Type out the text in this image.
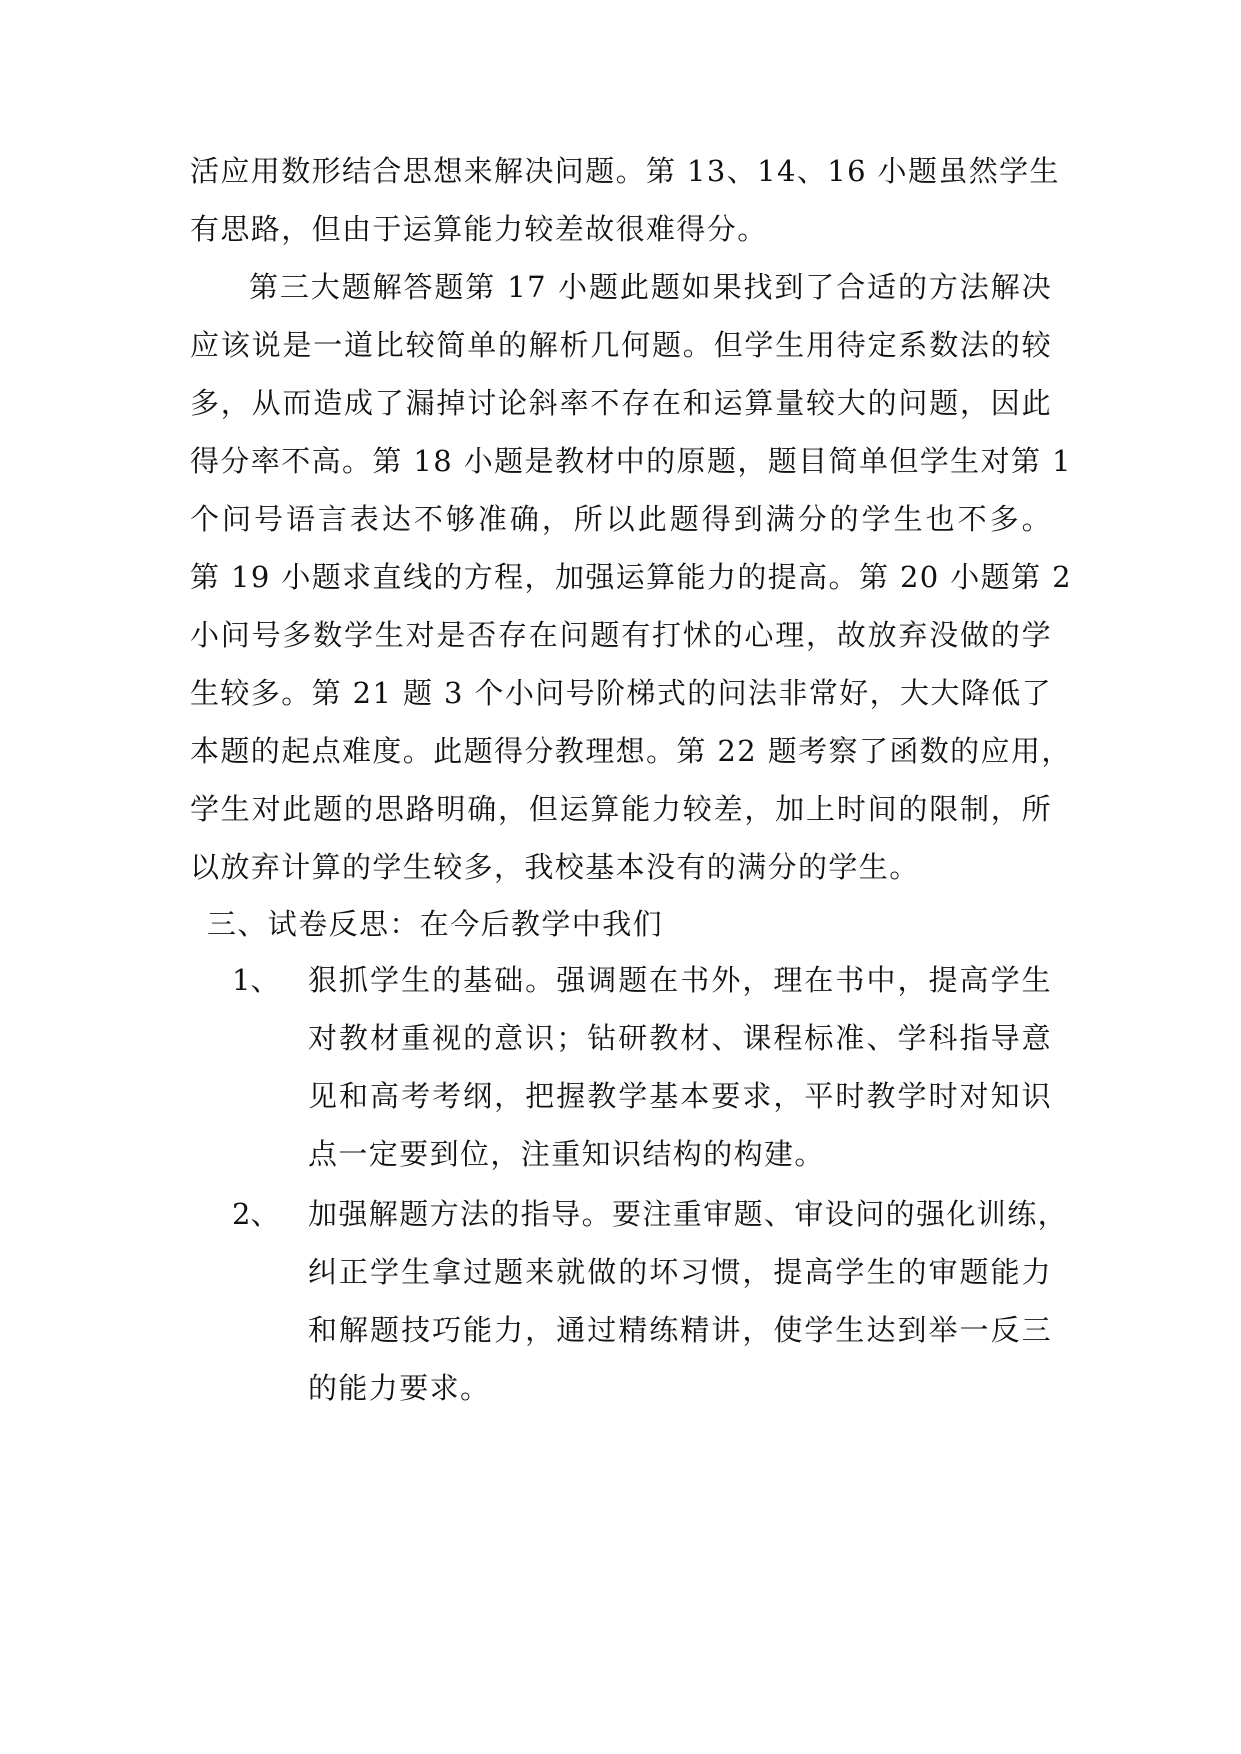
活应用数形结合思想来解决问题。第 13、14、16 小题虽然学生
有思路，但由于运算能力较差故很难得分。
第三大题解答题第 17 小题此题如果找到了合适的方法解决
应该说是一道比较简单的解析几何题。但学生用待定系数法的较
多，从而造成了漏掉讨论斜率不存在和运算量较大的问题，因此
得分率不高。第 18 小题是教材中的原题，题目简单但学生对第 1
个问号语言表达不够准确，所以此题得到满分的学生也不多。
第 19 小题求直线的方程，加强运算能力的提高。第 20 小题第 2
小问号多数学生对是否存在问题有打怵的心理，故放弃没做的学
生较多。第 21 题 3 个小问号阶梯式的问法非常好，大大降低了
本题的起点难度。此题得分教理想。第 22 题考察了函数的应用，
学生对此题的思路明确，但运算能力较差，加上时间的限制，所
以放弃计算的学生较多，我校基本没有的满分的学生。
三、试卷反思：在今后教学中我们
1、 狠抓学生的基础。强调题在书外，理在书中，提高学生
对教材重视的意识；钻研教材、课程标准、学科指导意
见和高考考纲，把握教学基本要求，平时教学时对知识
点一定要到位，注重知识结构的构建。
2、 加强解题方法的指导。要注重审题、审设问的强化训练，
纠正学生拿过题来就做的坏习惯，提高学生的审题能力
和解题技巧能力，通过精练精讲，使学生达到举一反三
的能力要求。
